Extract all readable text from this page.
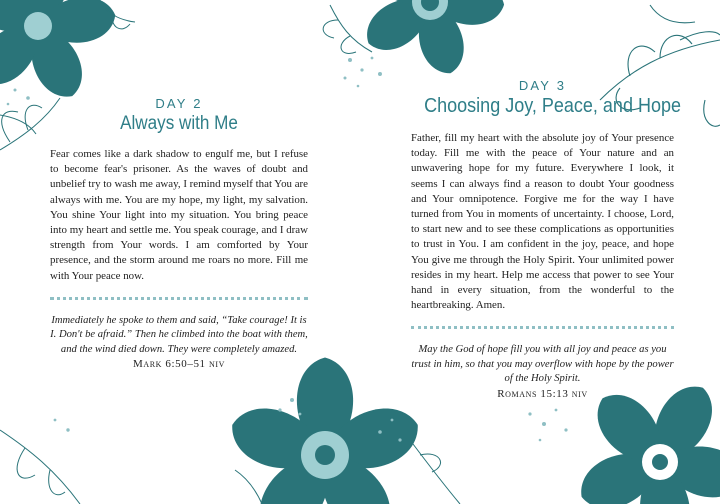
DAY 2
Always with Me

Fear comes like a dark shadow to engulf me, but I refuse to become fear's prisoner. As the waves of doubt and unbelief try to wash me away, I remind myself that You are always with me. You are my hope, my light, my salvation. You shine Your light into my situation. You bring peace into my heart and settle me. You speak courage, and I draw strength from Your words. I am comforted by Your presence, and the storm around me roars no more. Fill me with Your peace now.

Immediately he spoke to them and said, “Take courage! It is I. Don't be afraid.” Then he climbed into the boat with them, and the wind died down. They were completely amazed.

Mark 6:50–51 niv
DAY 3
Choosing Joy, Peace, and Hope

Father, fill my heart with the absolute joy of Your presence today. Fill me with the peace of Your nature and an unwavering hope for my future. Everywhere I look, it seems I can always find a reason to doubt Your goodness and Your omnipotence. Forgive me for the way I have turned from You in moments of uncertainty. I choose, Lord, to start new and to see these complications as opportunities to trust in You. I am confident in the joy, peace, and hope You give me through the Holy Spirit. Your unlimited power resides in my heart. Help me access that power to see Your hand in every situation, from the wonderful to the heartbreaking. Amen.

May the God of hope fill you with all joy and peace as you trust in him, so that you may overflow with hope by the power of the Holy Spirit.

Romans 15:13 niv
